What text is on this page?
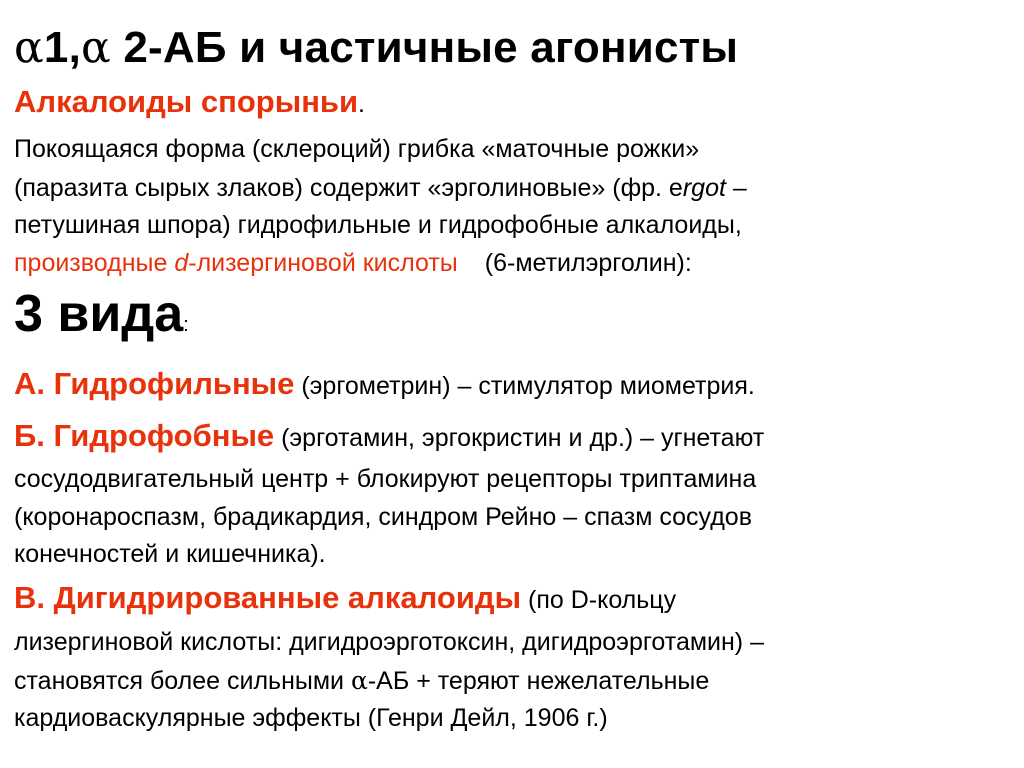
α1,α 2-АБ и частичные агонисты
Алкалоиды спорыньи.
Покоящаяся форма (склероций) грибка «маточные рожки»
(паразита сырых злаков) содержит «эрголиновые» (фр. еrgot –
петушиная шпора) гидрофильные и гидрофобные алкалоиды,
производные d-лизергиновой кислоты (6-метилэрголин):
3 вида:
А. Гидрофильные (эргометрин) – стимулятор миометрия.
Б. Гидрофобные (эрготамин, эргокристин и др.) – угнетают
сосудодвигательный центр + блокируют рецепторы триптамина
(коронароспазм, брадикардия, синдром Рейно – спазм сосудов
конечностей и кишечника).
В. Дигидрированные алкалоиды (по D-кольцу
лизергиновой кислоты: дигидроэрготоксин, дигидроэрготамин) –
становятся более сильными α-АБ + теряют нежелательные
кардиоваскулярные эффекты (Генри Дейл, 1906 г.)
